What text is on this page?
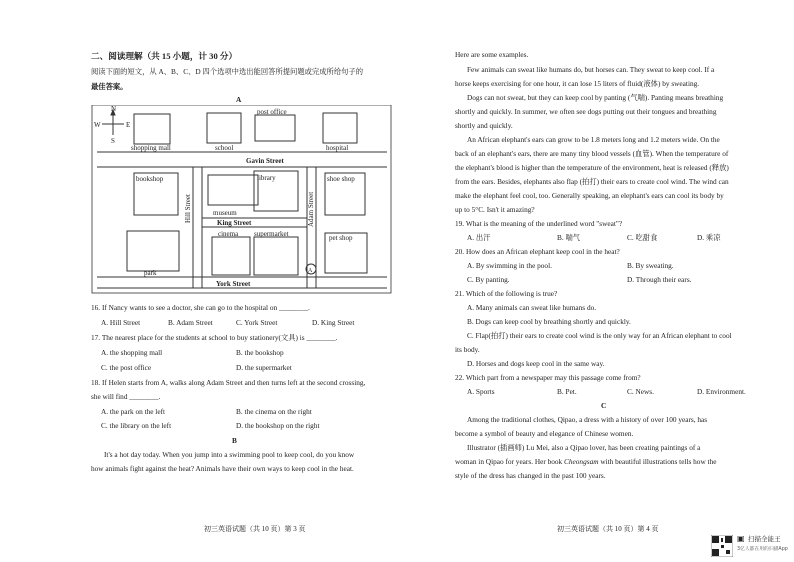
二、阅读理解（共 15 小题，计 30 分）
阅读下面的短文，从 A、B、C、D 四个选项中选出能回答所提问题或完成所给句子的
最佳答案。
A
N
S
W	E
shopping mall	school
post office
hospital
Gavin Street
bookshop	library
museum
shoe shop
Hill Street	Adam Street
King Street
cinema supermarket	pet shop
park	A
York Street
16. If Nancy wants to see a doctor, she can go to the hospital on ________.
A. Hill Street	B. Adam Street	C. York Street	D. King Street
17. The nearest place for the students at school to buy stationery(文具) is ________.
A. the shopping mall	B. the bookshop
C. the post office	D. the supermarket
18. If Helen starts from A, walks along Adam Street and then turns left at the second crossing,
she will find ________.
A. the park on the left	B. the cinema on the right
C. the library on the left	D. the bookshop on the right
B
It's a hot day today. When you jump into a swimming pool to keep cool, do you know
how animals fight against the heat? Animals have their own ways to keep cool in the heat.
初三英语试题（共 10 页）第 3 页
Here are some examples.
Few animals can sweat like humans do, but horses can. They sweat to keep cool. If a
horse keeps exercising for one hour, it can lose 15 liters of fluid(液体) by sweating.
Dogs can not sweat, but they can keep cool by panting (气喘). Panting means breathing
shortly and quickly. In summer, we often see dogs putting out their tongues and breathing
shortly and quickly.
An African elephant's ears can grow to be 1.8 meters long and 1.2 meters wide. On the
back of an elephant's ears, there are many tiny blood vessels (血管). When the temperature of
the elephant's blood is higher than the temperature of the environment, heat is released (释放)
from the ears. Besides, elephants also flap (拍打) their ears to create cool wind. The wind can
make the elephant feel cool, too. Generally speaking, an elephant's ears can cool its body by
up to 5°C. Isn't it amazing?
19. What is the meaning of the underlined word "sweat"?
A. 出汗	B. 喘气	C. 吃甜食	D. 乘凉
20. How does an African elephant keep cool in the heat?
A. By swimming in the pool.	B. By sweating.
C. By panting.	D. Through their ears.
21. Which of the following is true?
A. Many animals can sweat like humans do.
B. Dogs can keep cool by breathing shortly and quickly.
C. Flap(拍打) their ears to create cool wind is the only way for an African elephant to cool
its body.
D. Horses and dogs keep cool in the same way.
22. Which part from a newspaper may this passage come from?
A. Sports	B. Pet.	C. News.	D. Environment.
C
Among the traditional clothes, Qipao, a dress with a history of over 100 years, has
become a symbol of beauty and elegance of Chinese women.
Illustrator (插画师) Lu Mei, also a Qipao lover, has been creating paintings of a
woman in Qipao for years. Her book Cheongsam with beautiful illustrations tells how the
style of the dress has changed in the past 100 years.
初三英语试题（共 10 页）第 4 页
▣ 扫描全能王
3亿人都在用的扫描App
